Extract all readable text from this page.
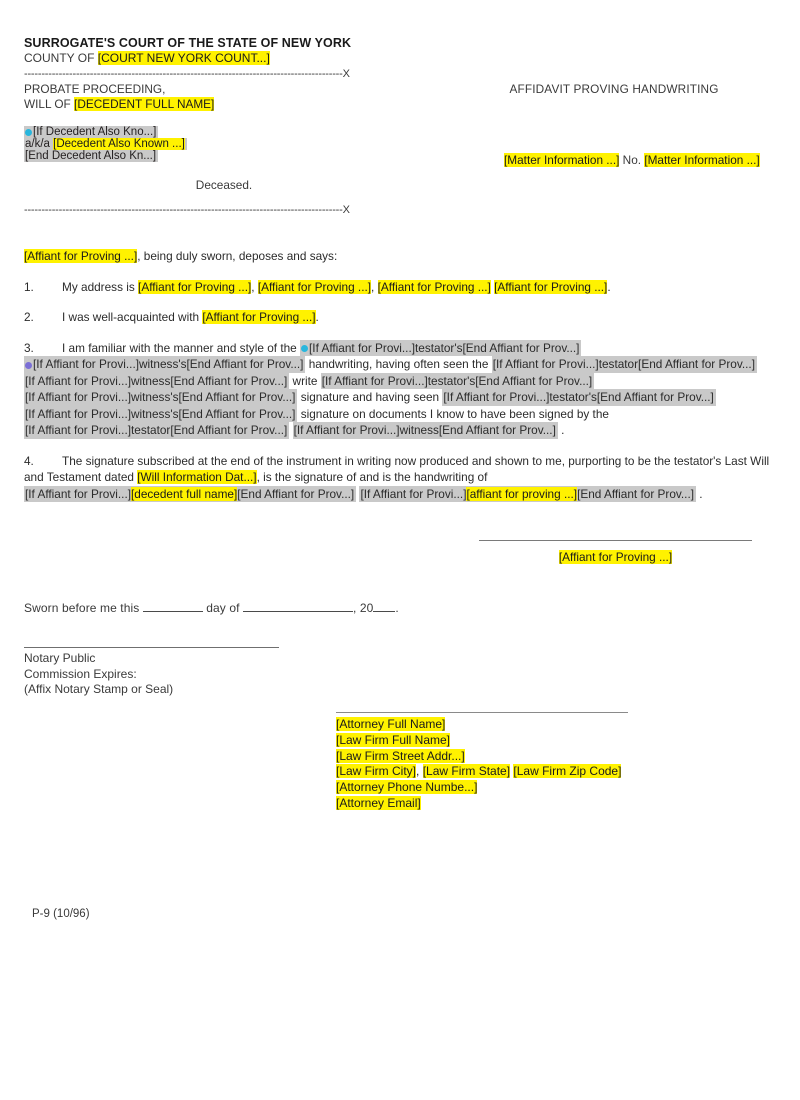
SURROGATE'S COURT OF THE STATE OF NEW YORK
COUNTY OF [COURT NEW YORK COUNT...]
--------------------------------------------------------------------------------------------X
PROBATE PROCEEDING,
WILL OF [DECEDENT FULL NAME]
[If Decedent Also Kno...]
a/k/a [Decedent Also Known ...]
[End Decedent Also Kn...]
Deceased.
AFFIDAVIT PROVING HANDWRITING
[Matter Information ...] No. [Matter Information ...]
--------------------------------------------------------------------------------------------X
[Affiant for Proving ...], being duly sworn, deposes and says:
1. My address is [Affiant for Proving ...], [Affiant for Proving ...], [Affiant for Proving ...] [Affiant for Proving ...].
2. I was well-acquainted with [Affiant for Proving ...].
3. I am familiar with the manner and style of the [If Affiant for Provi...]testator's[End Affiant for Prov...] [If Affiant for Provi...]witness's[End Affiant for Prov...] handwriting, having often seen the [If Affiant for Provi...]testator[End Affiant for Prov...] [If Affiant for Provi...]witness[End Affiant for Prov...] write [If Affiant for Provi...]testator's[End Affiant for Prov...] [If Affiant for Provi...]witness's[End Affiant for Prov...] signature and having seen [If Affiant for Provi...]testator's[End Affiant for Prov...] [If Affiant for Provi...]witness's[End Affiant for Prov...] signature on documents I know to have been signed by the [If Affiant for Provi...]testator[End Affiant for Prov...] [If Affiant for Provi...]witness[End Affiant for Prov...] .
4. The signature subscribed at the end of the instrument in writing now produced and shown to me, purporting to be the testator's Last Will and Testament dated [Will Information Dat...], is the signature of and is the handwriting of [If Affiant for Provi...][decedent full name][End Affiant for Prov...] [If Affiant for Provi...][affiant for proving ...][End Affiant for Prov...] .
[Affiant for Proving ...]
Sworn before me this	day of	, 20 .
Notary Public
Commission Expires:
(Affix Notary Stamp or Seal)
[Attorney Full Name]
[Law Firm Full Name]
[Law Firm Street Addr...]
[Law Firm City], [Law Firm State] [Law Firm Zip Code]
[Attorney Phone Numbe...]
[Attorney Email]
P-9 (10/96)
